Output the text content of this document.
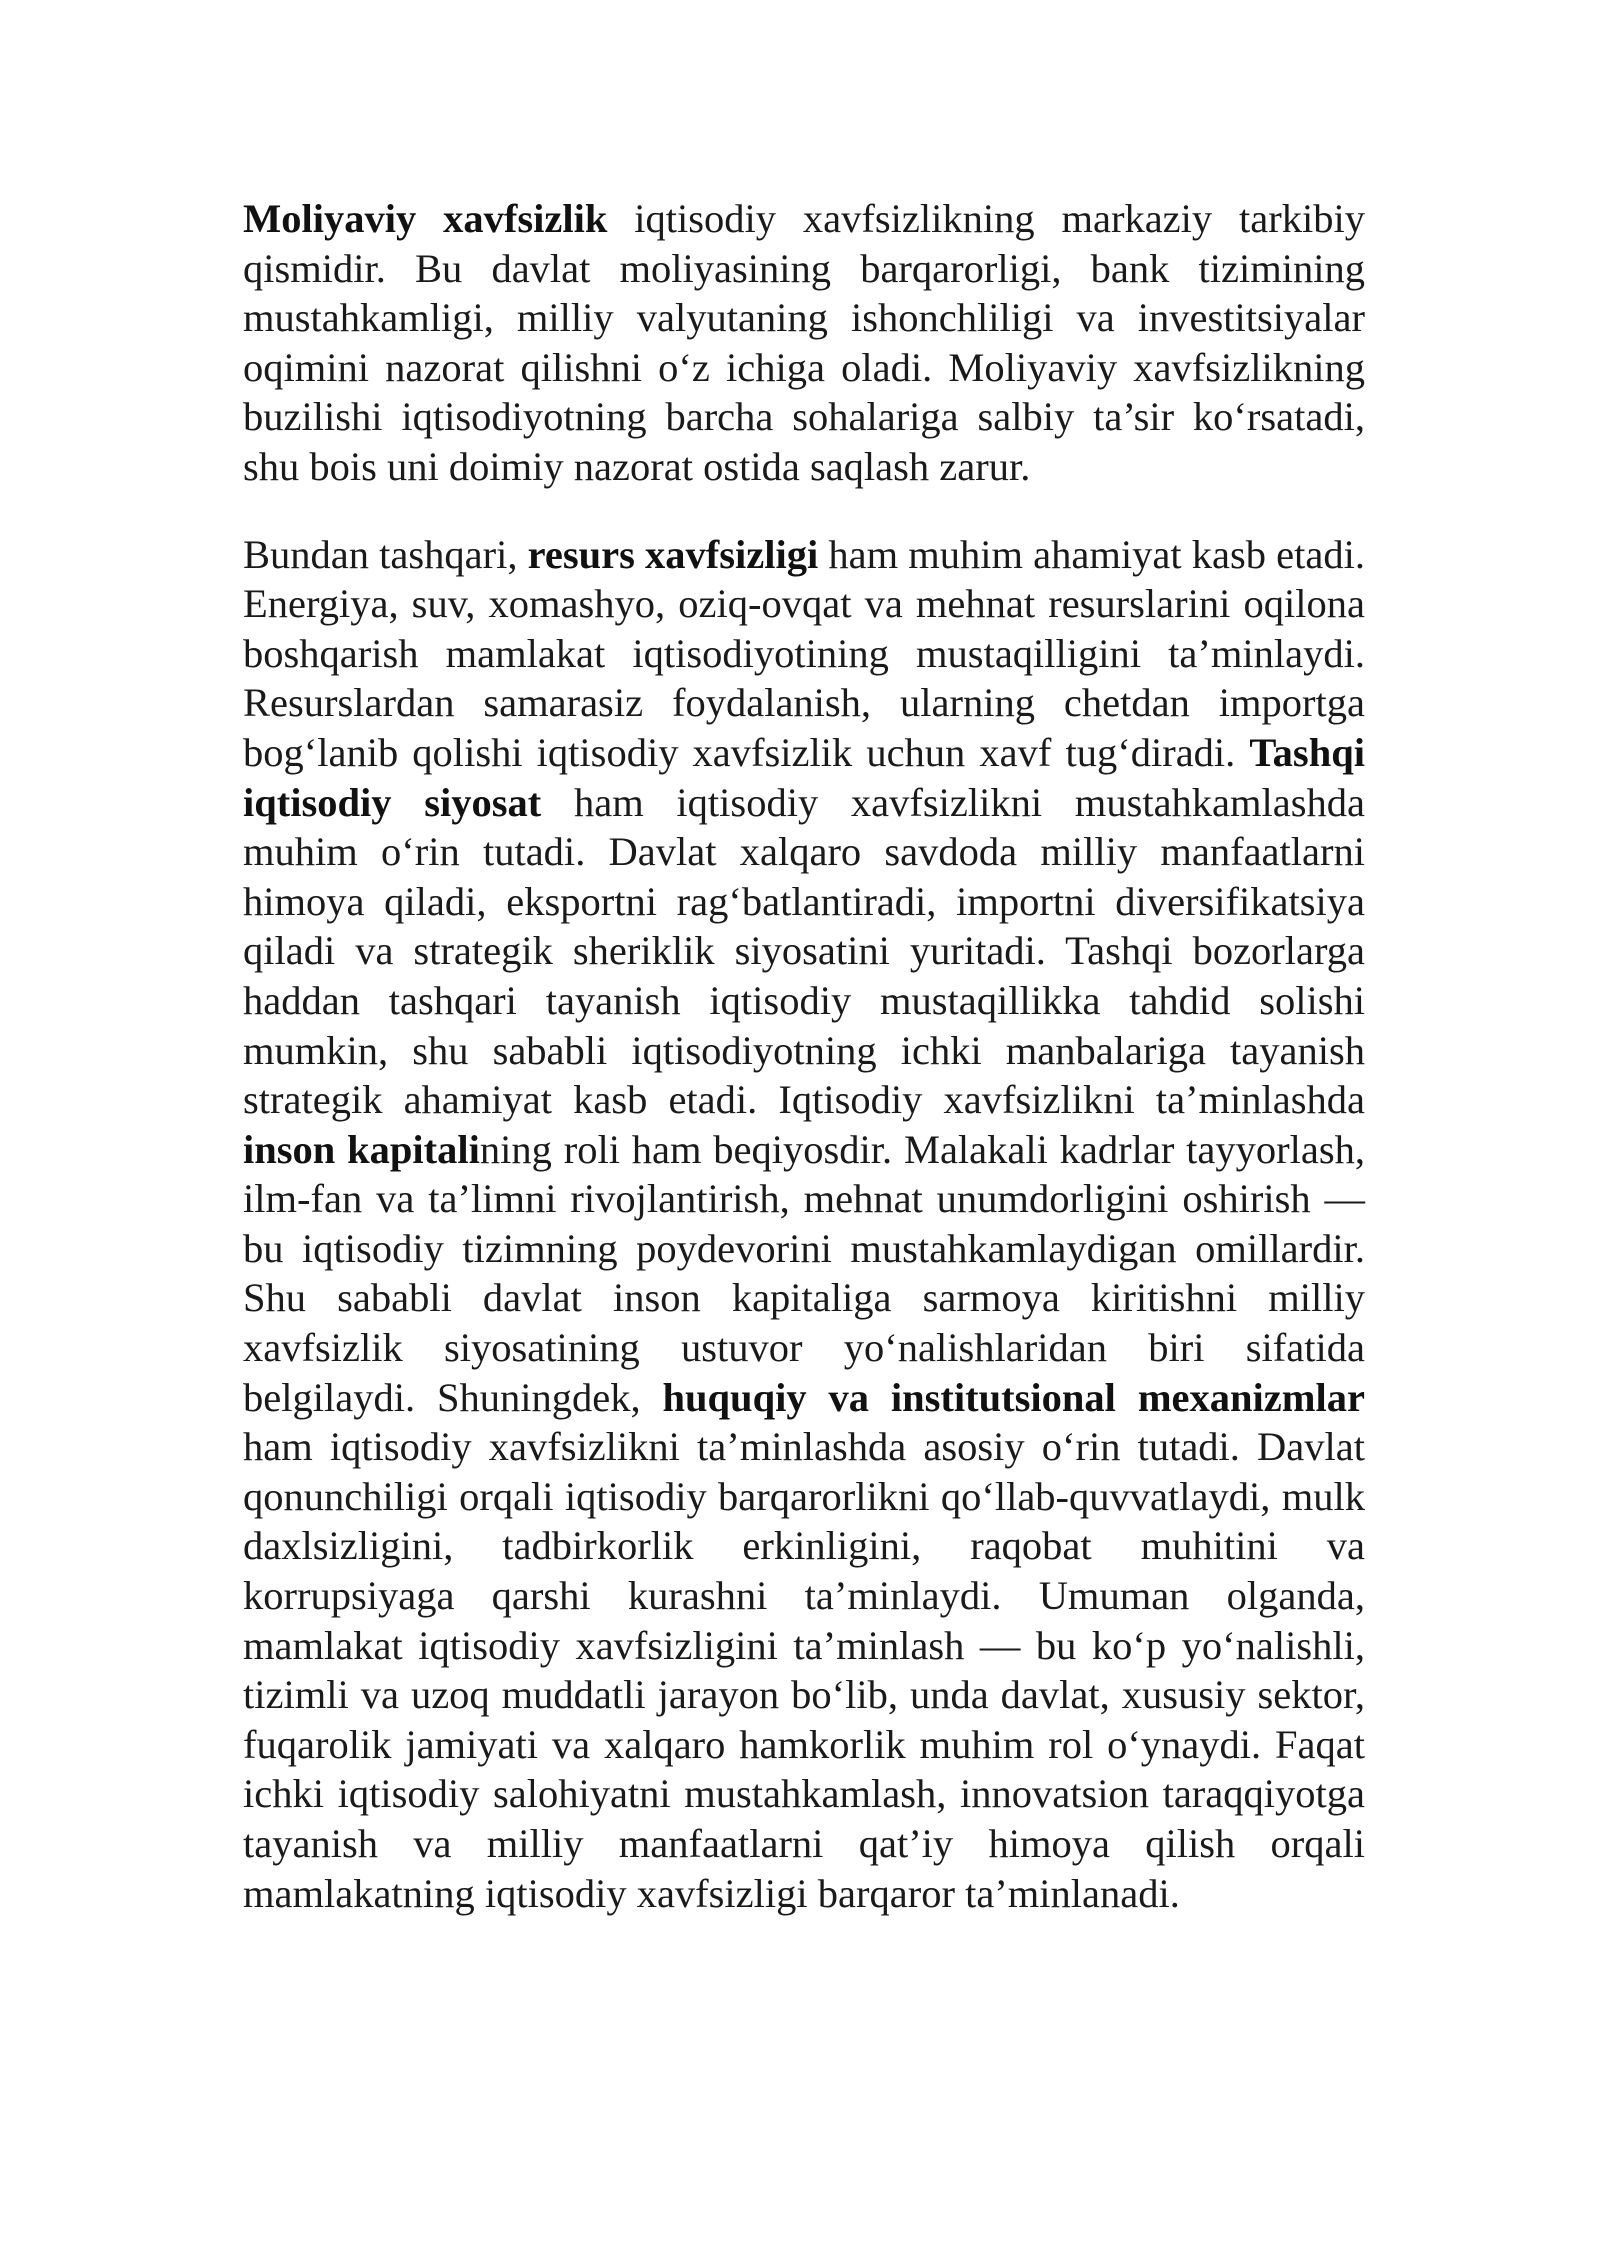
Moliyaviy xavfsizlik iqtisodiy xavfsizlikning markaziy tarkibiy qismidir. Bu davlat moliyasining barqarorligi, bank tizimining mustahkamligi, milliy valyutaning ishonchliligi va investitsiyalar oqimini nazorat qilishni o‘z ichiga oladi. Moliyaviy xavfsizlikning buzilishi iqtisodiyotning barcha sohalariga salbiy ta’sir ko‘rsatadi, shu bois uni doimiy nazorat ostida saqlash zarur.

Bundan tashqari, resurs xavfsizligi ham muhim ahamiyat kasb etadi. Energiya, suv, xomashyo, oziq-ovqat va mehnat resurslarini oqilona boshqarish mamlakat iqtisodiyotining mustaqilligini ta’minlaydi. Resurslardan samarasiz foydalanish, ularning chetdan importga bog‘lanib qolishi iqtisodiy xavfsizlik uchun xavf tug‘diradi. Tashqi iqtisodiy siyosat ham iqtisodiy xavfsizlikni mustahkamlashda muhim o‘rin tutadi. Davlat xalqaro savdoda milliy manfaatlarni himoya qiladi, eksportni rag‘batlantiradi, importni diversifikatsiya qiladi va strategik sheriklik siyosatini yuritadi. Tashqi bozorlarga haddan tashqari tayanish iqtisodiy mustaqillikka tahdid solishi mumkin, shu sababli iqtisodiyotning ichki manbalariga tayanish strategik ahamiyat kasb etadi. Iqtisodiy xavfsizlikni ta’minlashda inson kapitalining roli ham beqiyosdir. Malakali kadrlar tayyorlash, ilm-fan va ta’limni rivojlantirish, mehnat unumdorligini oshirish — bu iqtisodiy tizimning poydevorini mustahkamlaydigan omillardir. Shu sababli davlat inson kapitaliga sarmoya kiritishni milliy xavfsizlik siyosatining ustuvor yo‘nalishlaridan biri sifatida belgilaydi. Shuningdek, huquqiy va institutsional mexanizmlar ham iqtisodiy xavfsizlikni ta’minlashda asosiy o‘rin tutadi. Davlat qonunchiligi orqali iqtisodiy barqarorlikni qo‘llab-quvvatlaydi, mulk daxlsizligini, tadbirkorlik erkinligini, raqobat muhitini va korrupsiyaga qarshi kurashni ta’minlaydi. Umuman olganda, mamlakat iqtisodiy xavfsizligini ta’minlash — bu ko‘p yo‘nalishli, tizimli va uzoq muddatli jarayon bo‘lib, unda davlat, xususiy sektor, fuqarolik jamiyati va xalqaro hamkorlik muhim rol o‘ynaydi. Faqat ichki iqtisodiy salohiyatni mustahkamlash, innovatsion taraqqiyotga tayanish va milliy manfaatlarni qat’iy himoya qilish orqali mamlakatning iqtisodiy xavfsizligi barqaror ta’minlanadi.
